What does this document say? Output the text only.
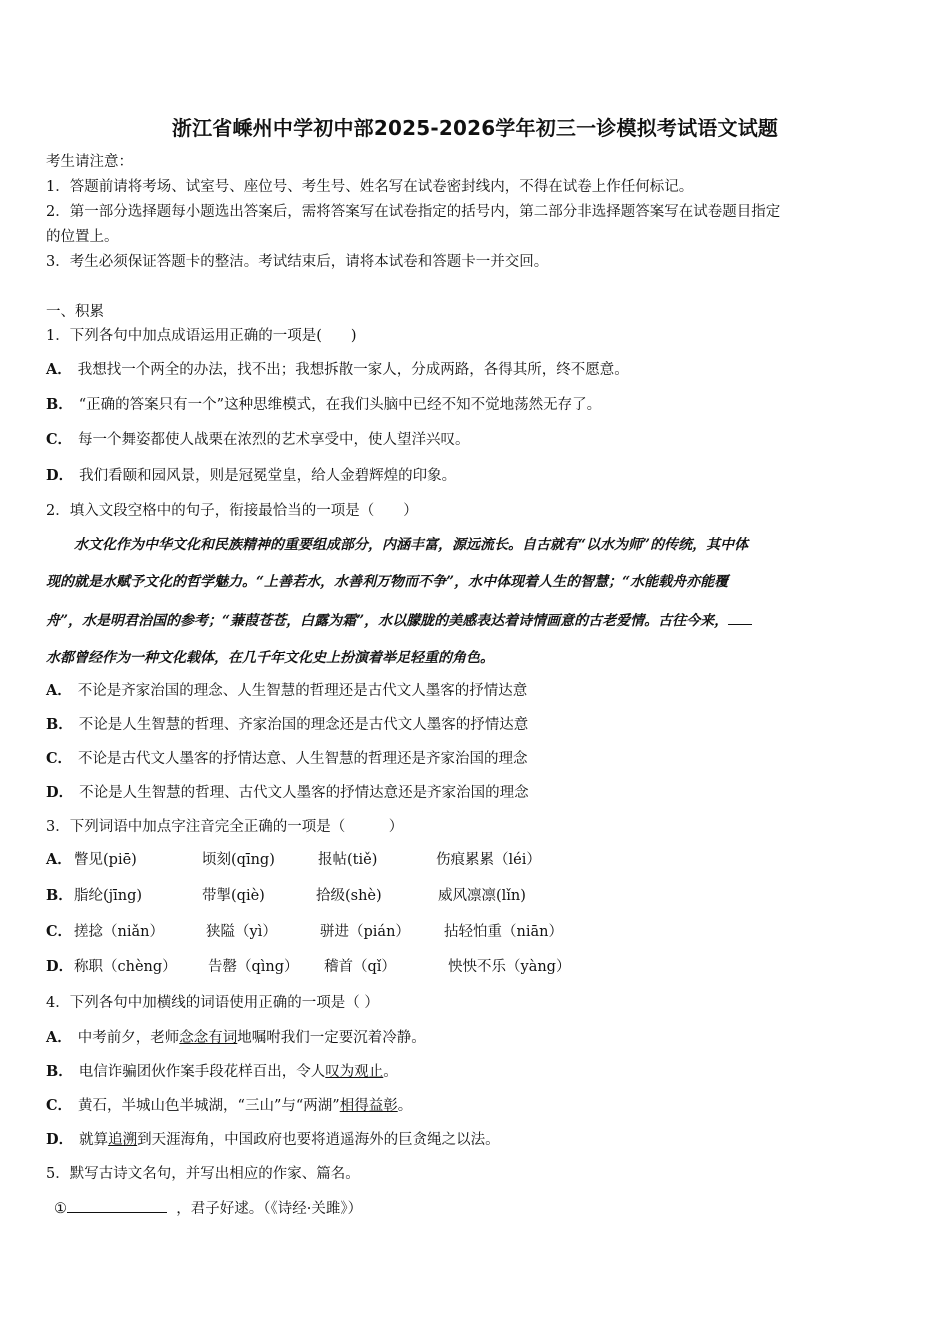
浙江省嵊州中学初中部2025-2026学年初三一诊模拟考试语文试题
考生请注意：
1．答题前请将考场、试室号、座位号、考生号、姓名写在试卷密封线内，不得在试卷上作任何标记。
2．第一部分选择题每小题选出答案后，需将答案写在试卷指定的括号内，第二部分非选择题答案写在试卷题目指定
的位置上。
3．考生必须保证答题卡的整洁。考试结束后，请将本试卷和答题卡一并交回。
一、积累
1．下列各句中加点成语运用正确的一项是(　　)
A． 我想找一个两全的办法，找不出；我想拆散一家人，分成两路，各得其所，终不愿意。
B． “正确的答案只有一个”这种思维模式，在我们头脑中已经不知不觉地荡然无存了。
C． 每一个舞姿都使人战栗在浓烈的艺术享受中，使人望洋兴叹。
D． 我们看颐和园风景，则是冠冕堂皇，给人金碧辉煌的印象。
2．填入文段空格中的句子，衔接最恰当的一项是（　　）
　　水文化作为中华文化和民族精神的重要组成部分，内涵丰富，源远流长。自古就有“以水为师”的传统，其中体
现的就是水赋予文化的哲学魅力。“上善若水，水善利万物而不争”，水中体现着人生的智慧；“水能载舟亦能覆
舟”，水是明君治国的参考；“蒹葭苍苍，白露为霜”，水以朦胧的美感表达着诗情画意的古老爱情。古往今来，
水都曾经作为一种文化载体，在几千年文化史上扮演着举足轻重的角色。
A． 不论是齐家治国的理念、人生智慧的哲理还是古代文人墨客的抒情达意
B． 不论是人生智慧的哲理、齐家治国的理念还是古代文人墨客的抒情达意
C． 不论是古代文人墨客的抒情达意、人生智慧的哲理还是齐家治国的理念
D． 不论是人生智慧的哲理、古代文人墨客的抒情达意还是齐家治国的理念
3．下列词语中加点字注音完全正确的一项是（　　　）
A． 瞥见(piē)	顷刻(qīng)	报帖(tiě)	伤痕累累（léi）
B． 脂纶(jīng)	带掣(qiè)	拾级(shè)	威风凛凛(lǐn)
C． 搓捻（niǎn）	狭隘（yì）	骈进（pián） 拈轻怕重（niān）
D． 称职（chèng） 告罄（qìng） 稽首（qǐ）	怏怏不乐（yàng）
4．下列各句中加横线的词语使用正确的一项是（ ）
A． 中考前夕，老师念念有词地嘱咐我们一定要沉着冷静。
B． 电信诈骗团伙作案手段花样百出，令人叹为观止。
C． 黄石，半城山色半城湖，“三山”与“两湖”相得益彰。
D． 就算追溯到天涯海角，中国政府也要将逍遥海外的巨贪绳之以法。
5．默写古诗文名句，并写出相应的作家、篇名。
①	，君子好逑。（《诗经·关雎》）
